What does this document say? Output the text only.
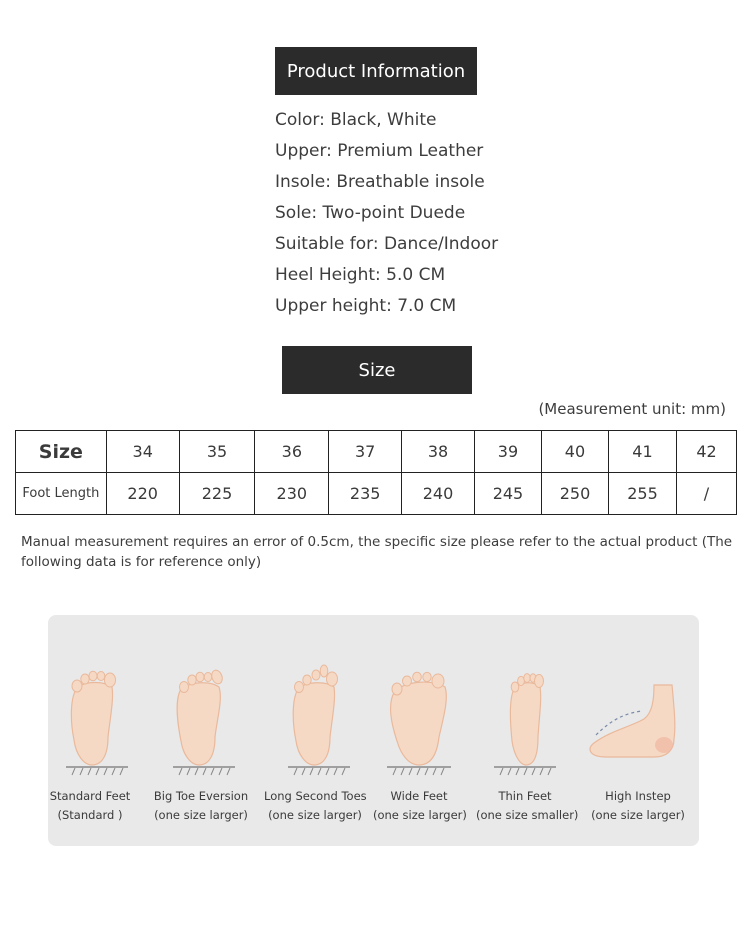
Product Information
Color: Black, White
Upper: Premium Leather
Insole: Breathable insole
Sole: Two-point Duede
Suitable for: Dance/Indoor
Heel Height: 5.0 CM
Upper height: 7.0 CM
Size
(Measurement unit: mm)
Size	34	35	36	37	38	39	40	41	42
Foot Length	220	225	230	235	240	245	250	255	/
Manual measurement requires an error of 0.5cm, the specific size please refer to the actual product (The following data is for reference only)
Standard Feet
(Standard )
Big Toe Eversion
(one size larger)
Long Second Toes
(one size larger)
Wide Feet
(one size larger)
Thin Feet
(one size smaller)
High Instep
(one size larger)
